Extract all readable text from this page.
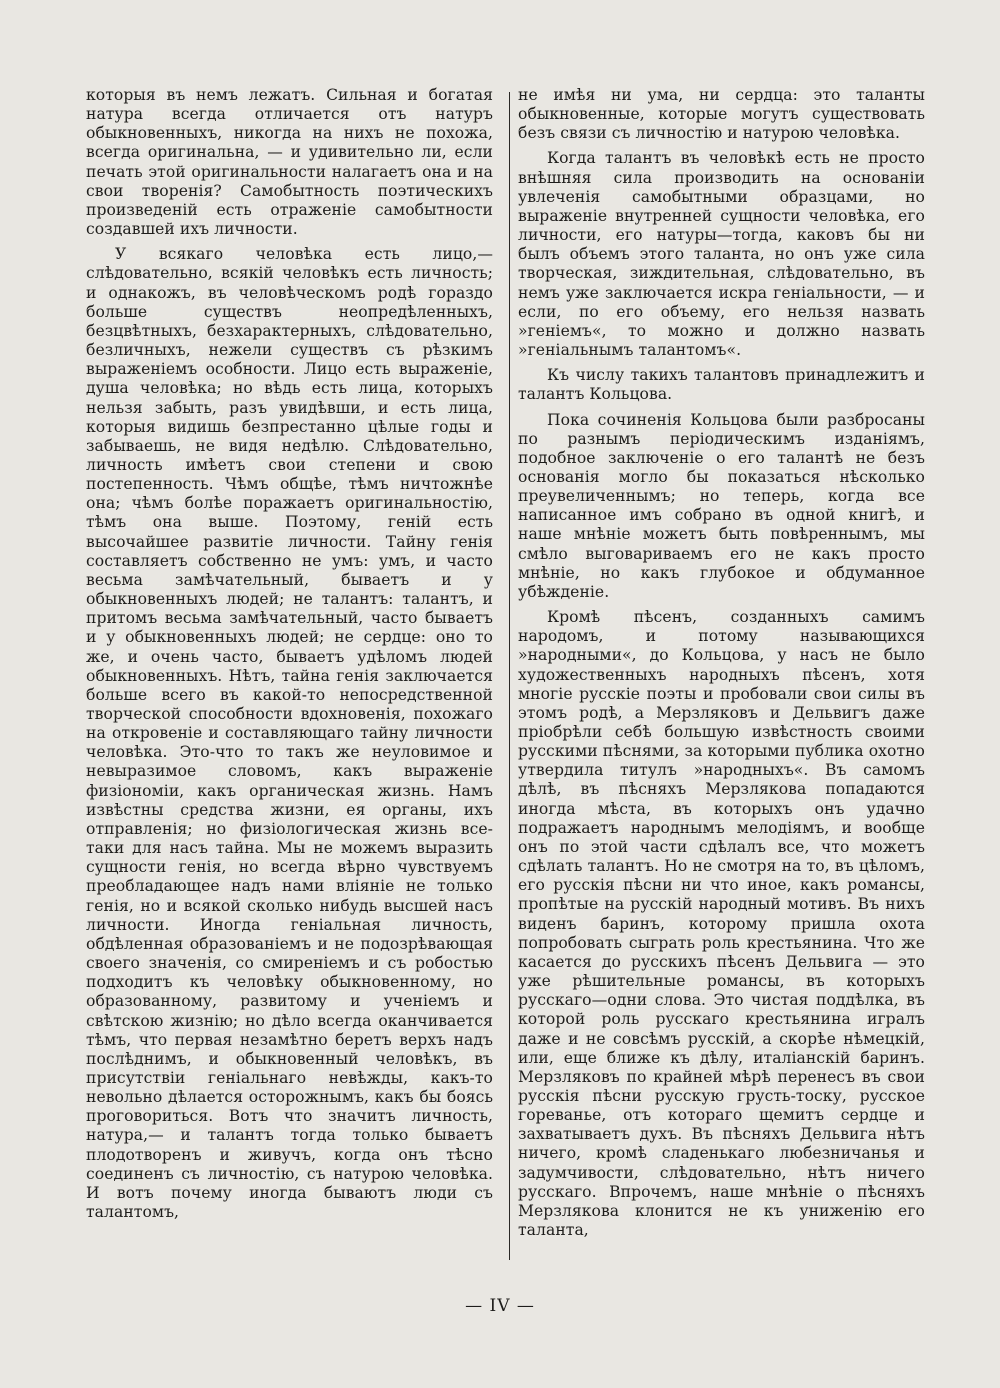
которыя въ немъ лежатъ. Сильная и богатая натура всегда отличается отъ натуръ обыкновенныхъ, никогда на нихъ не похожа, всегда оригинальна, — и удивительно ли, если печать этой оригинальности налагаетъ она и на свои творенія? Самобытность поэтическихъ произведеній есть отраженіе самобытности создавшей ихъ личности.

У всякаго человѣка есть лицо,—слѣдовательно, всякій человѣкъ есть личность; и однакожъ, въ человѣческомъ родѣ гораздо больше существъ неопредѣленныхъ, безцвѣтныхъ, безхарактерныхъ, слѣдовательно, безличныхъ, нежели существъ съ рѣзкимъ выраженіемъ особности. Лицо есть выраженіе, душа человѣка; но вѣдь есть лица, которыхъ нельзя забыть, разъ увидѣвши, и есть лица, которыя видишь безпрестанно цѣлые годы и забываешь, не видя недѣлю. Слѣдовательно, личность имѣетъ свои степени и свою постепенность. Чѣмъ общѣе, тѣмъ ничтожнѣе она; чѣмъ болѣе поражаетъ оригинальностію, тѣмъ она выше. Поэтому, геній есть высочайшее развитіе личности. Тайну генія составляетъ собственно не умъ: умъ, и часто весьма замѣчательный, бываетъ и у обыкновенныхъ людей; не талантъ: талантъ, и притомъ весьма замѣчательный, часто бываетъ и у обыкновенныхъ людей; не сердце: оно то же, и очень часто, бываетъ удѣломъ людей обыкновенныхъ. Нѣтъ, тайна генія заключается больше всего въ какой-то непосредственной творческой способности вдохновенія, похожаго на откровеніе и составляющаго тайну личности человѣка. Это-что то такъ же неуловимое и невыразимое словомъ, какъ выраженіе физіономіи, какъ органическая жизнь. Намъ извѣстны средства жизни, ея органы, ихъ отправленія; но физіологическая жизнь все-таки для насъ тайна. Мы не можемъ выразить сущности генія, но всегда вѣрно чувствуемъ преобладающее надъ нами вліяніе не только генія, но и всякой сколько нибудь высшей насъ личности. Иногда геніальная личность, обдѣленная образованіемъ и не подозрѣвающая своего значенія, со смиреніемъ и съ робостью подходитъ къ человѣку обыкновенному, но образованному, развитому и ученіемъ и свѣтскою жизнію; но дѣло всегда оканчивается тѣмъ, что первая незамѣтно беретъ верхъ надъ послѣднимъ, и обыкновенный человѣкъ, въ присутствіи геніальнаго невѣжды, какъ-то невольно дѣлается осторожнымъ, какъ бы боясь проговориться. Вотъ что значитъ личность, натура,— и талантъ тогда только бываетъ плодотворенъ и живучъ, когда онъ тѣсно соединенъ съ личностію, съ натурою человѣка. И вотъ почему иногда бываютъ люди съ талантомъ,

не имѣя ни ума, ни сердца: это таланты обыкновенные, которые могутъ существовать безъ связи съ личностію и натурою человѣка.

Когда талантъ въ человѣкѣ есть не просто внѣшняя сила производить на основаніи увлеченія самобытными образцами, но выраженіе внутренней сущности человѣка, его личности, его натуры—тогда, каковъ бы ни былъ объемъ этого таланта, но онъ уже сила творческая, зиждительная, слѣдовательно, въ немъ уже заключается искра геніальности, — и если, по его объему, его нельзя назвать »геніемъ«, то можно и должно назвать »геніальнымъ талантомъ«.

Къ числу такихъ талантовъ принадлежитъ и талантъ Кольцова.

Пока сочиненія Кольцова были разбросаны по разнымъ періодическимъ изданіямъ, подобное заключеніе о его талантѣ не безъ основанія могло бы показаться нѣсколько преувеличеннымъ; но теперь, когда все написанное имъ собрано въ одной книгѣ, и наше мнѣніе можетъ быть повѣреннымъ, мы смѣло выговариваемъ его не какъ просто мнѣніе, но какъ глубокое и обдуманное убѣжденіе.

Кромѣ пѣсенъ, созданныхъ самимъ народомъ, и потому называющихся »народными«, до Кольцова, у насъ не было художественныхъ народныхъ пѣсенъ, хотя многіе русскіе поэты и пробовали свои силы въ этомъ родѣ, а Мерзляковъ и Дельвигъ даже пріобрѣли себѣ большую извѣстность своими русскими пѣснями, за которыми публика охотно утвердила титулъ »народныхъ«. Въ самомъ дѣлѣ, въ пѣсняхъ Мерзлякова попадаются иногда мѣста, въ которыхъ онъ удачно подражаетъ народнымъ мелодіямъ, и вообще онъ по этой части сдѣлалъ все, что можетъ сдѣлать талантъ. Но не смотря на то, въ цѣломъ, его русскія пѣсни ни что иное, какъ романсы, пропѣтые на русскій народный мотивъ. Въ нихъ виденъ баринъ, которому пришла охота попробовать сыграть роль крестьянина. Что же касается до русскихъ пѣсенъ Дельвига — это уже рѣшительные романсы, въ которыхъ русскаго—одни слова. Это чистая поддѣлка, въ которой роль русскаго крестьянина игралъ даже и не совсѣмъ русскій, а скорѣе нѣмецкій, или, еще ближе къ дѣлу, италіанскій баринъ. Мерзляковъ по крайней мѣрѣ перенесъ въ свои русскія пѣсни русскую грусть-тоску, русское гореванье, отъ котораго щемитъ сердце и захватываетъ духъ. Въ пѣсняхъ Дельвига нѣтъ ничего, кромѣ сладенькаго любезничанья и задумчивости, слѣдовательно, нѣтъ ничего русскаго. Впрочемъ, наше мнѣніе о пѣсняхъ Мерзлякова клонится не къ униженію его таланта,

— IV —
